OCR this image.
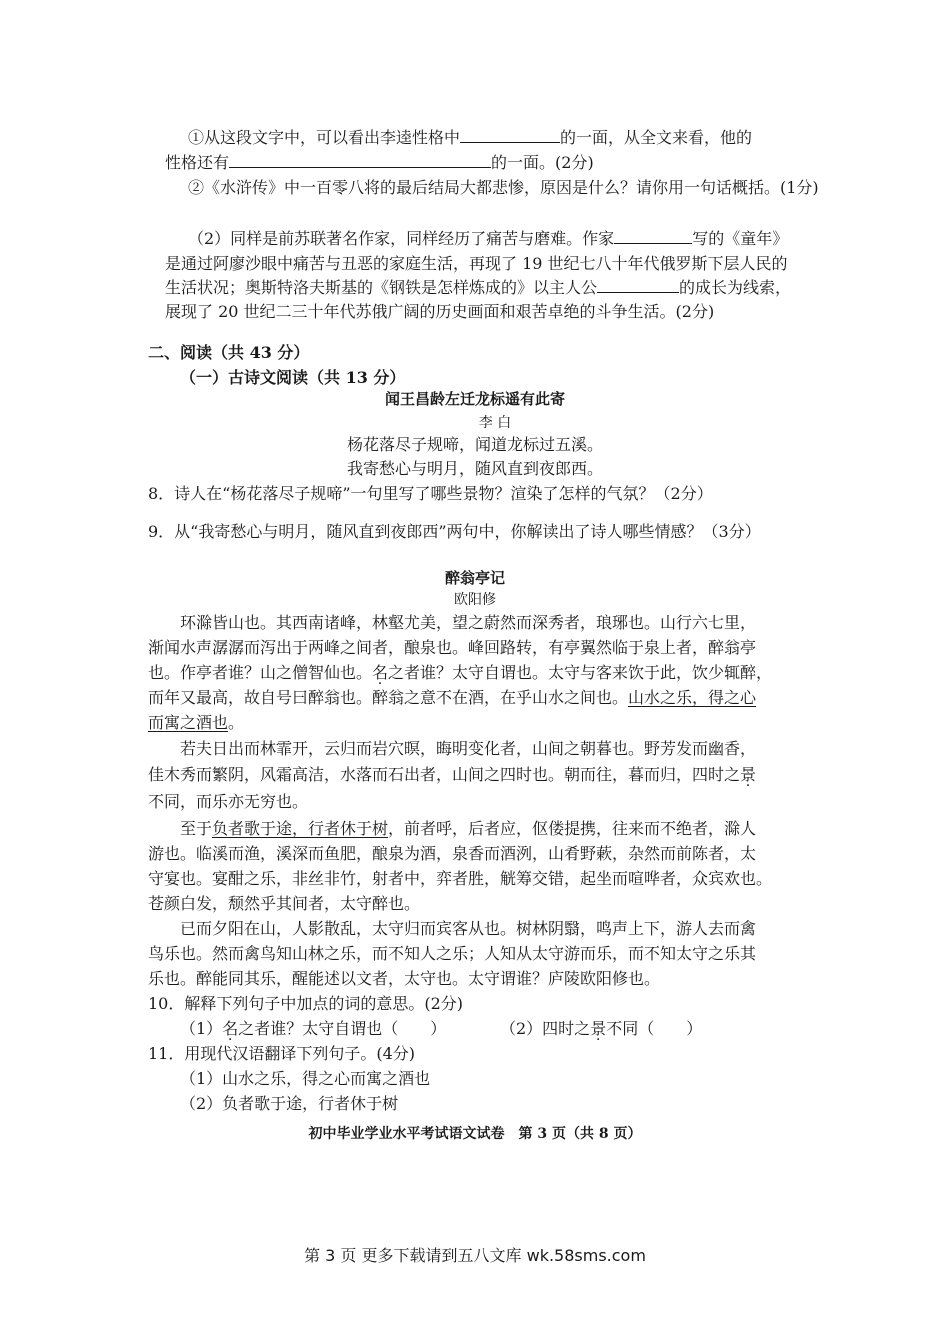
①从这段文字中，可以看出李逵性格中	的一面，从全文来看，他的
性格还有	的一面。(2分)
②《水浒传》中一百零八将的最后结局大都悲惨，原因是什么？请你用一句话概括。(1分)
（2）同样是前苏联著名作家，同样经历了痛苦与磨难。作家	写的《童年》
是通过阿廖沙眼中痛苦与丑恶的家庭生活，再现了 19 世纪七八十年代俄罗斯下层人民的
生活状况；奥斯特洛夫斯基的《钢铁是怎样炼成的》以主人公	的成长为线索，
展现了 20 世纪二三十年代苏俄广阔的历史画面和艰苦卓绝的斗争生活。(2分)
二、阅读（共 43 分）
（一）古诗文阅读（共 13 分）
闻王昌龄左迁龙标遥有此寄
李 白
杨花落尽子规啼，闻道龙标过五溪。
我寄愁心与明月，随风直到夜郎西。
8．诗人在“杨花落尽子规啼”一句里写了哪些景物？渲染了怎样的气氛？（2分）
9．从“我寄愁心与明月，随风直到夜郎西”两句中，你解读出了诗人哪些情感？（3分）
醉翁亭记
欧阳修
环滁皆山也。其西南诸峰，林壑尤美，望之蔚然而深秀者，琅琊也。山行六七里，
渐闻水声潺潺而泻出于两峰之间者，酿泉也。峰回路转，有亭翼然临于泉上者，醉翁亭
也。作亭者谁？山之僧智仙也。名之者谁？太守自谓也。太守与客来饮于此，饮少辄醉，
而年又最高，故自号曰醉翁也。醉翁之意不在酒，在乎山水之间也。山水之乐，得之心
而寓之酒也。
若夫日出而林霏开，云归而岩穴暝，晦明变化者，山间之朝暮也。野芳发而幽香，
佳木秀而繁阴，风霜高洁，水落而石出者，山间之四时也。朝而往，暮而归，四时之景
不同，而乐亦无穷也。
至于负者歌于途，行者休于树，前者呼，后者应，伛偻提携，往来而不绝者，滁人
游也。临溪而渔，溪深而鱼肥，酿泉为酒，泉香而酒洌，山肴野蔌，杂然而前陈者，太
守宴也。宴酣之乐，非丝非竹，射者中，弈者胜，觥筹交错，起坐而喧哗者，众宾欢也。
苍颜白发，颓然乎其间者，太守醉也。
已而夕阳在山，人影散乱，太守归而宾客从也。树林阴翳，鸣声上下，游人去而禽
鸟乐也。然而禽鸟知山林之乐，而不知人之乐；人知从太守游而乐，而不知太守之乐其
乐也。醉能同其乐，醒能述以文者，太守也。太守谓谁？庐陵欧阳修也。
10．解释下列句子中加点的词的意思。(2分)
（1）名之者谁？太守自谓也（　　）	（2）四时之景不同（　　）
11．用现代汉语翻译下列句子。(4分)
（1）山水之乐，得之心而寓之酒也
（2）负者歌于途，行者休于树
初中毕业学业水平考试语文试卷　第 3 页（共 8 页）
第 3 页 更多下载请到五八文库 wk.58sms.com
